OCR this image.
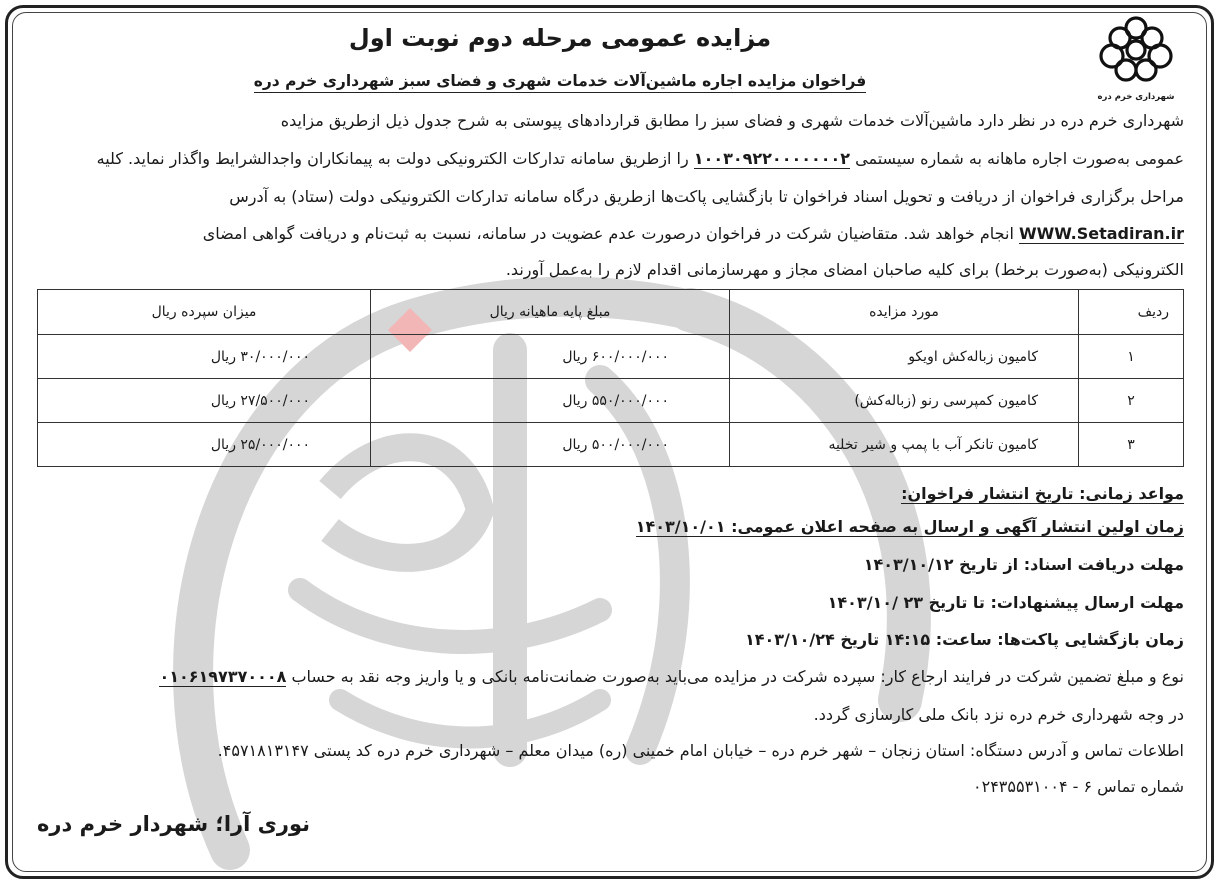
شهرداری خرم دره
مزایده عمومی مرحله دوم نوبت اول
فراخوان مزایده اجاره ماشین‌آلات خدمات شهری و فضای سبز شهرداری خرم دره
شهرداری خرم دره در نظر دارد ماشین‌آلات خدمات شهری و فضای سبز را مطابق قراردادهای پیوستی به شرح جدول ذیل ازطریق مزایده
عمومی به‌صورت اجاره ماهانه به شماره سیستمی ۱۰۰۳۰۹۲۲۰۰۰۰۰۰۰۲ را ازطریق سامانه تدارکات الکترونیکی دولت به پیمانکاران واجدالشرایط واگذار نماید. کلیه
مراحل برگزاری فراخوان از دریافت و تحویل اسناد فراخوان تا بازگشایی پاکت‌ها ازطریق درگاه سامانه تدارکات الکترونیکی دولت (ستاد) به آدرس
WWW.Setadiran.ir انجام خواهد شد. متقاضیان شرکت در فراخوان درصورت عدم عضویت در سامانه، نسبت به ثبت‌نام و دریافت گواهی امضای
الکترونیکی (به‌صورت برخط) برای کلیه صاحبان امضای مجاز و مهرسازمانی اقدام لازم را به‌عمل آورند.
ردیف	مورد مزایده	مبلغ پایه ماهیانه ریال	میزان سپرده ریال
۱	کامیون زباله‌کش اویکو	۶۰۰/۰۰۰/۰۰۰ ریال	۳۰/۰۰۰/۰۰۰ ریال
۲	کامیون کمپرسی رنو (زباله‌کش)	۵۵۰/۰۰۰/۰۰۰ ریال	۲۷/۵۰۰/۰۰۰ ریال
۳	کامیون تانکر آب با پمپ و شیر تخلیه	۵۰۰/۰۰۰/۰۰۰ ریال	۲۵/۰۰۰/۰۰۰ ریال
مواعد زمانی: تاریخ انتشار فراخوان:
زمان اولین انتشار آگهی و ارسال به صفحه اعلان عمومی: ۱۴۰۳/۱۰/۰۱
مهلت دریافت اسناد: از تاریخ ۱۴۰۳/۱۰/۱۲
مهلت ارسال پیشنهادات: تا تاریخ ۲۳ /۱۴۰۳/۱۰
زمان بازگشایی پاکت‌ها: ساعت: ۱۴:۱۵ تاریخ ۱۴۰۳/۱۰/۲۴
نوع و مبلغ تضمین شرکت در فرایند ارجاع کار: سپرده شرکت در مزایده می‌باید به‌صورت ضمانت‌نامه بانکی و یا واریز وجه نقد به حساب ۰۱۰۶۱۹۷۳۷۰۰۰۸
در وجه شهرداری خرم دره نزد بانک ملی کارسازی گردد.
اطلاعات تماس و آدرس دستگاه: استان زنجان – شهر خرم دره – خیابان امام خمینی (ره) میدان معلم – شهرداری خرم دره کد پستی ۴۵۷۱۸۱۳۱۴۷.
شماره تماس ۶ - ۰۲۴۳۵۵۳۱۰۰۴
نوری آرا؛ شهردار خرم دره
